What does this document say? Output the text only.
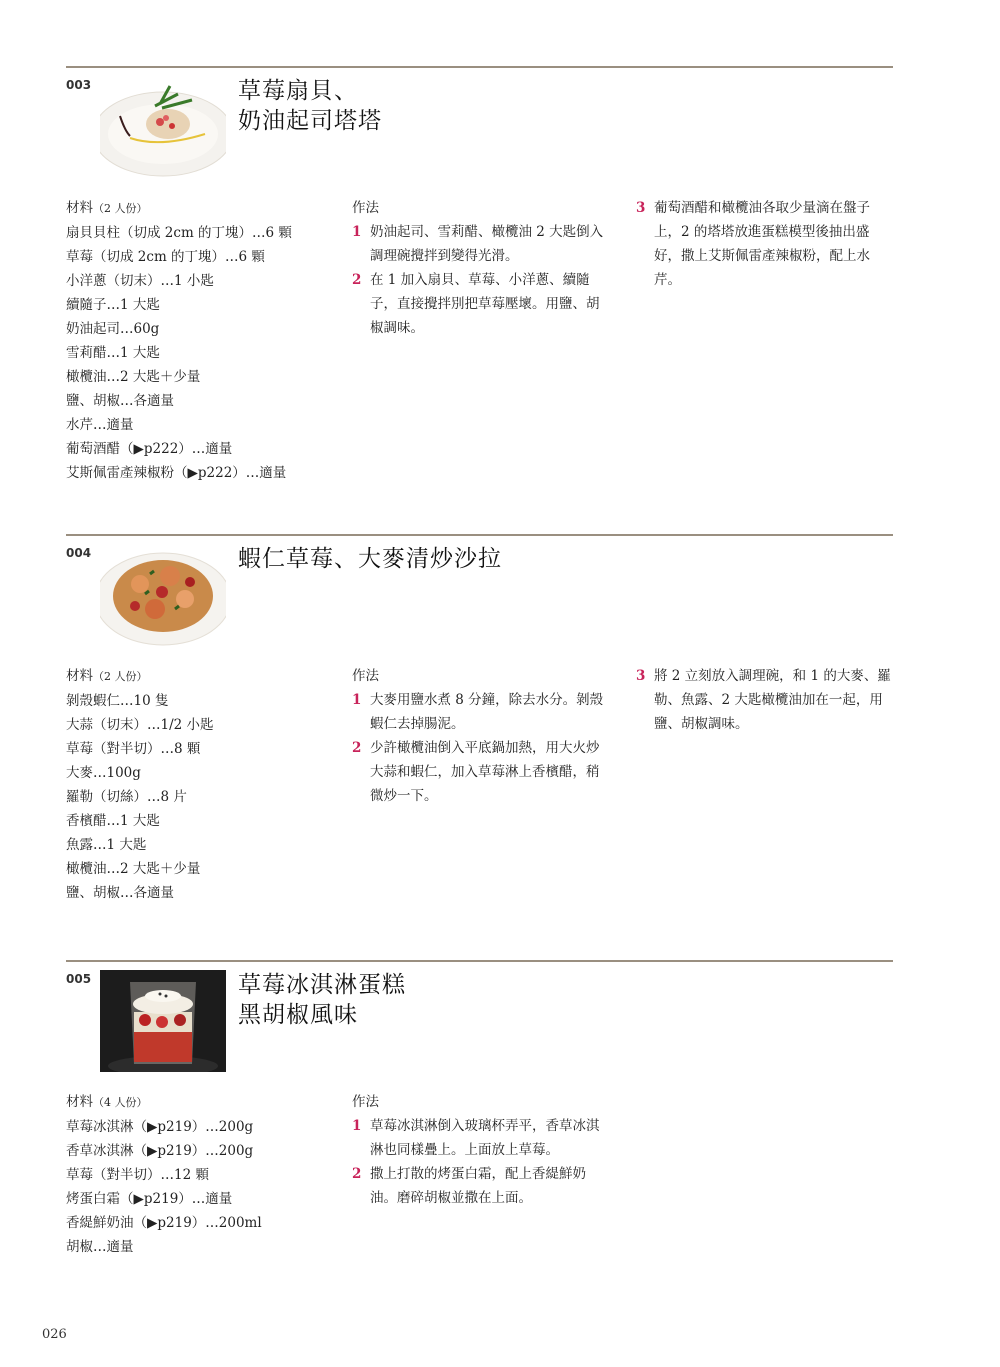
003	草莓扇貝、
奶油起司塔塔
材料（2 人份）
扇貝貝柱（切成 2cm 的丁塊）…6 顆
草莓（切成 2cm 的丁塊）…6 顆
小洋蔥（切末）…1 小匙
續隨子…1 大匙
奶油起司…60g
雪莉醋…1 大匙
橄欖油…2 大匙＋少量
鹽、胡椒…各適量
水芹…適量
葡萄酒醋（▶p222）…適量
艾斯佩雷產辣椒粉（▶p222）…適量
作法
1 奶油起司、雪莉醋、橄欖油 2 大匙倒入調理碗攪拌到變得光滑。
2 在 1 加入扇貝、草莓、小洋蔥、續隨子，直接攪拌別把草莓壓壞。用鹽、胡椒調味。
3 葡萄酒醋和橄欖油各取少量滴在盤子上，2 的塔塔放進蛋糕模型後抽出盛好，撒上艾斯佩雷產辣椒粉，配上水芹。
004	蝦仁草莓、大麥清炒沙拉
材料（2 人份）
剝殼蝦仁…10 隻
大蒜（切末）…1/2 小匙
草莓（對半切）…8 顆
大麥…100g
羅勒（切絲）…8 片
香檳醋…1 大匙
魚露…1 大匙
橄欖油…2 大匙＋少量
鹽、胡椒…各適量
作法
1 大麥用鹽水煮 8 分鐘，除去水分。剝殼蝦仁去掉腸泥。
2 少許橄欖油倒入平底鍋加熱，用大火炒大蒜和蝦仁，加入草莓淋上香檳醋，稍微炒一下。
3 將 2 立刻放入調理碗，和 1 的大麥、羅勒、魚露、2 大匙橄欖油加在一起，用鹽、胡椒調味。
005	草莓冰淇淋蛋糕
黑胡椒風味
材料（4 人份）
草莓冰淇淋（▶p219）…200g
香草冰淇淋（▶p219）…200g
草莓（對半切）…12 顆
烤蛋白霜（▶p219）…適量
香緹鮮奶油（▶p219）…200ml
胡椒…適量
作法
1 草莓冰淇淋倒入玻璃杯弄平，香草冰淇淋也同樣疊上。上面放上草莓。
2 撒上打散的烤蛋白霜，配上香緹鮮奶油。磨碎胡椒並撒在上面。
026
